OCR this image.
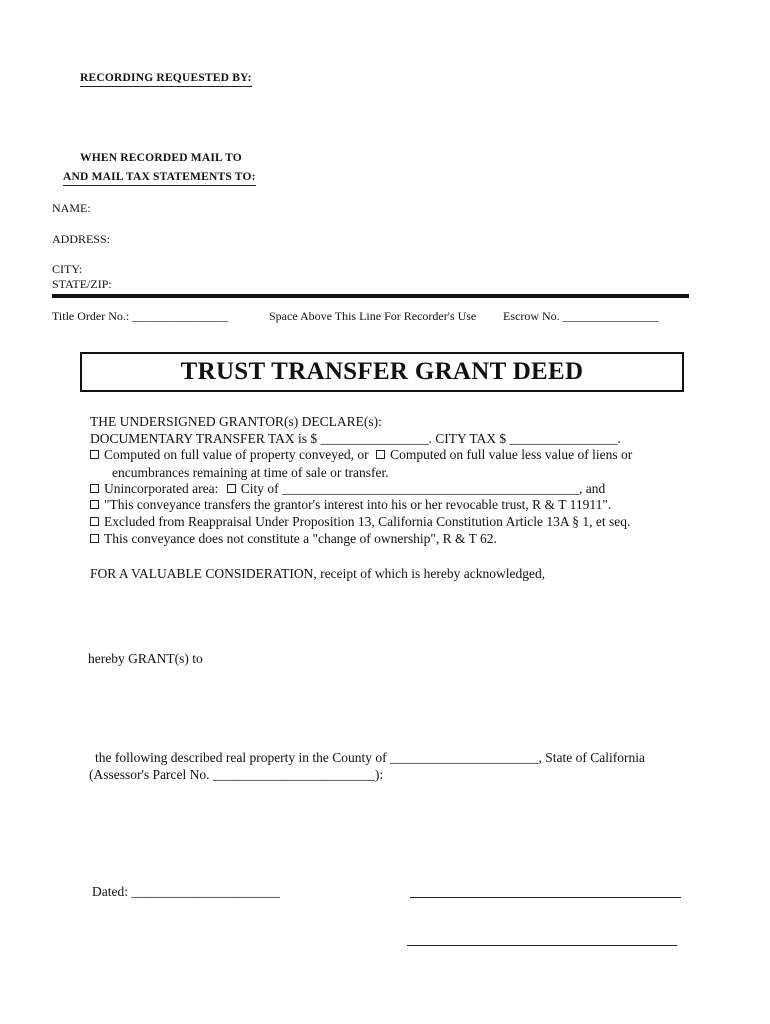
RECORDING REQUESTED BY:
WHEN RECORDED MAIL TO
AND MAIL TAX STATEMENTS TO:
NAME:
ADDRESS:
CITY:
STATE/ZIP:
Title Order No.: ________________	Space Above This Line For Recorder's Use Escrow No. ________________
TRUST TRANSFER GRANT DEED
THE UNDERSIGNED GRANTOR(s) DECLARE(s):
DOCUMENTARY TRANSFER TAX is $ ________________. CITY TAX $ ________________.
Computed on full value of property conveyed, or Computed on full value less value of liens or
encumbrances remaining at time of sale or transfer.
Unincorporated area: City of ____________________________________________, and
"This conveyance transfers the grantor's interest into his or her revocable trust, R & T 11911".
Excluded from Reappraisal Under Proposition 13, California Constitution Article 13A § 1, et seq.
This conveyance does not constitute a "change of ownership", R & T 62.
FOR A VALUABLE CONSIDERATION, receipt of which is hereby acknowledged,
hereby GRANT(s) to
the following described real property in the County of ______________________, State of California
(Assessor's Parcel No. ________________________):
Dated: ______________________
